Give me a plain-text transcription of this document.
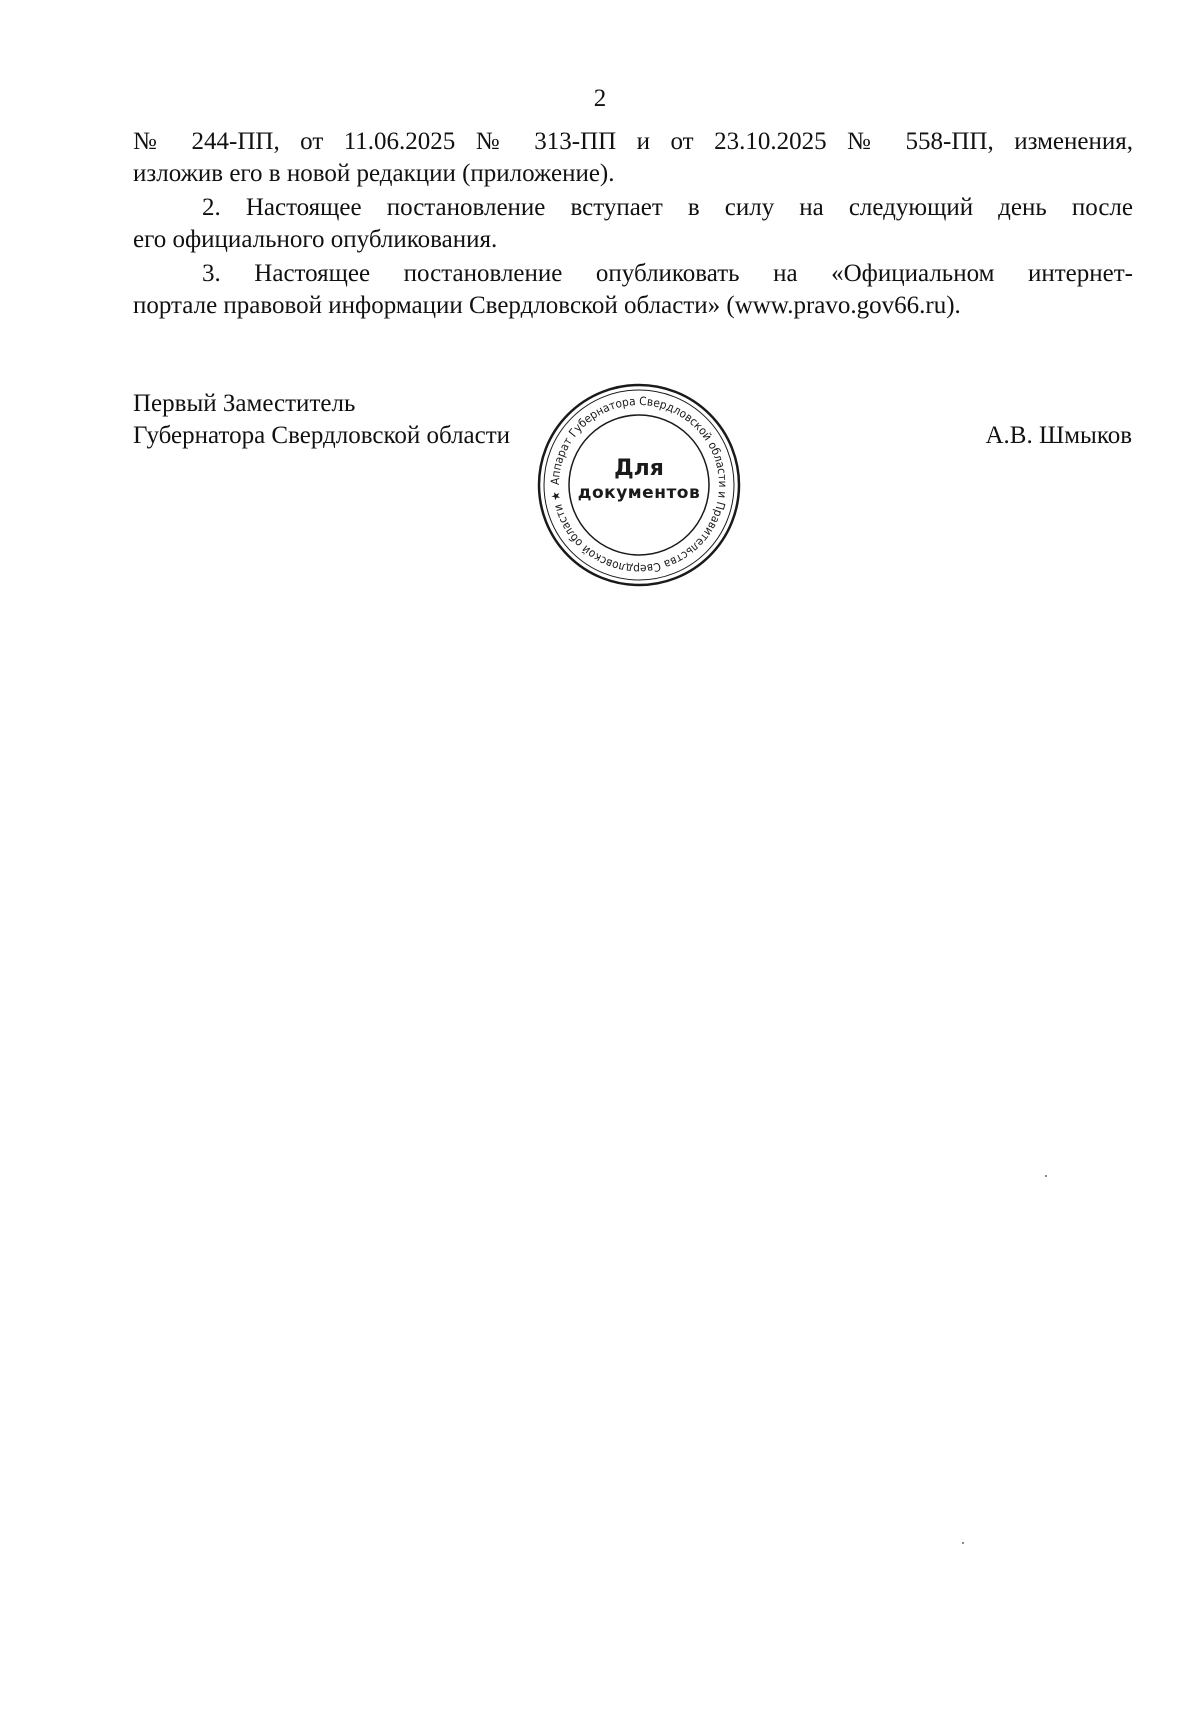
2
№ 244-ПП, от 11.06.2025 № 313-ПП и от 23.10.2025 № 558-ПП, изменения,
изложив его в новой редакции (приложение).
2. Настоящее постановление вступает в силу на следующий день после
его официального опубликования.
3. Настоящее постановление опубликовать на «Официальном интернет-
портале правовой информации Свердловской области» (www.pravo.gov66.ru).
Первый Заместитель
Губернатора Свердловской области	А.В. Шмыков
Аппарат Губернатора Свердловской области и Правительства Свердловской области ★
Для
документов
